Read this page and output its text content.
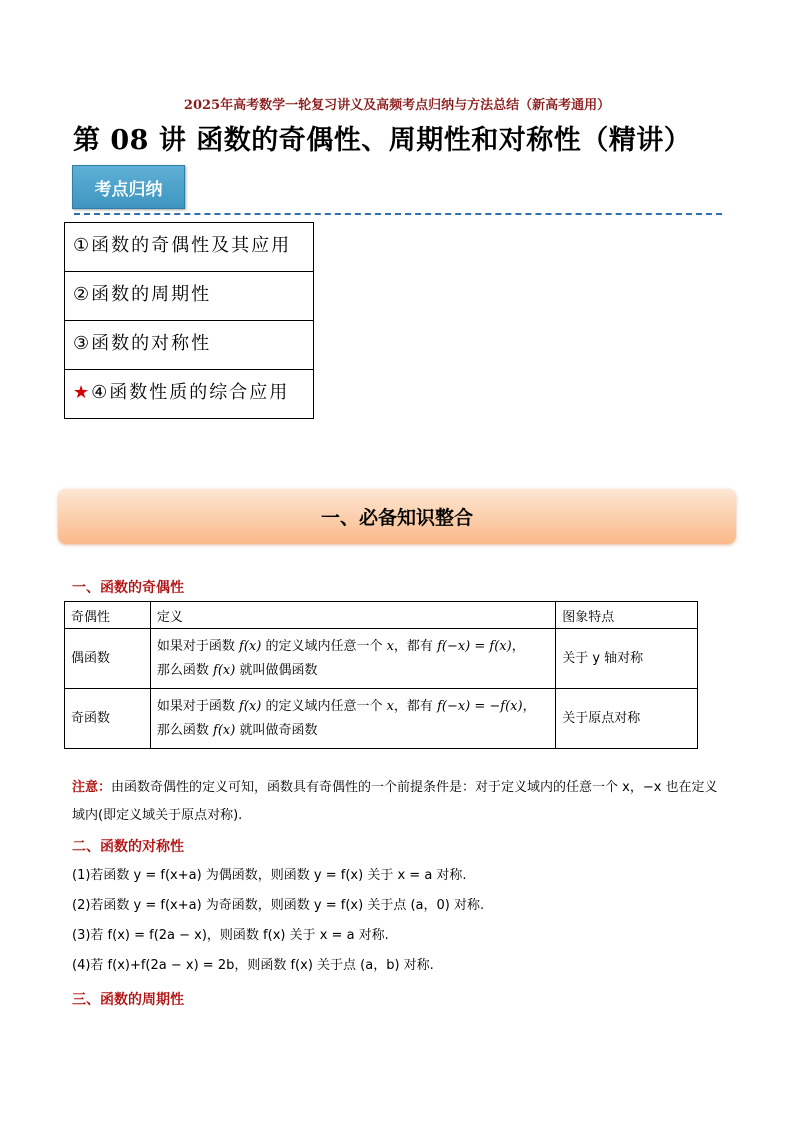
2025年高考数学一轮复习讲义及高频考点归纳与方法总结（新高考通用）
第 08 讲 函数的奇偶性、周期性和对称性（精讲）
考点归纳
①函数的奇偶性及其应用
②函数的周期性
③函数的对称性
★④函数性质的综合应用
一、必备知识整合
一、函数的奇偶性
奇偶性	定义	图象特点
偶函数	如果对于函数 f(x) 的定义域内任意一个 x，都有 f(−x) = f(x)，
那么函数 f(x) 就叫做偶函数	关于 y 轴对称
奇函数	如果对于函数 f(x) 的定义域内任意一个 x，都有 f(−x) = −f(x)，
那么函数 f(x) 就叫做奇函数	关于原点对称
注意：由函数奇偶性的定义可知，函数具有奇偶性的一个前提条件是：对于定义域内的任意一个 x，−x 也在定义域内(即定义域关于原点对称).
二、函数的对称性
(1)若函数 y = f(x+a) 为偶函数，则函数 y = f(x) 关于 x = a 对称.
(2)若函数 y = f(x+a) 为奇函数，则函数 y = f(x) 关于点 (a，0) 对称.
(3)若 f(x) = f(2a − x)，则函数 f(x) 关于 x = a 对称.
(4)若 f(x)+f(2a − x) = 2b，则函数 f(x) 关于点 (a，b) 对称.
三、函数的周期性
